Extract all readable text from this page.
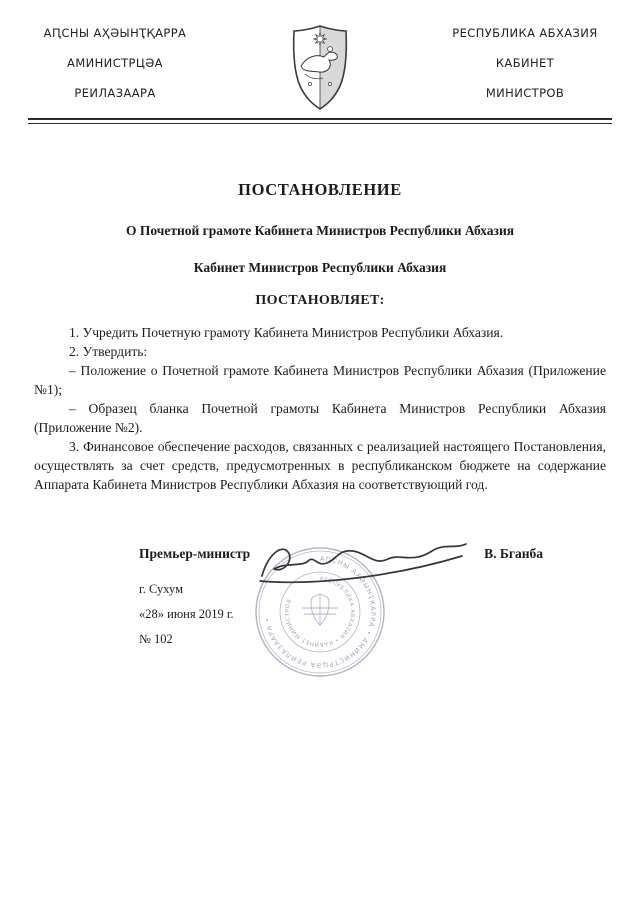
АԤСНЫ АҲӘЫНҬҚАРРА
АМИНИСТРЦӘА
РЕИЛАЗААРА
РЕСПУБЛИКА АБХАЗИЯ
КАБИНЕТ
МИНИСТРОВ
ПОСТАНОВЛЕНИЕ
О Почетной грамоте Кабинета Министров Республики Абхазия
Кабинет Министров Республики Абхазия
ПОСТАНОВЛЯЕТ:

1. Учредить Почетную грамоту Кабинета Министров Республики Абхазия.

2. Утвердить:

– Положение о Почетной грамоте Кабинета Министров Республики Абхазия (Приложение №1);

– Образец бланка Почетной грамоты Кабинета Министров Республики Абхазия (Приложение №2).

3. Финансовое обеспечение расходов, связанных с реализацией настоящего Постановления, осуществлять за счет средств, предусмотренных в республиканском бюджете на содержание Аппарата Кабинета Министров Республики Абхазия на соответствующий год.

Премьер-министр	В. Бганба
г. Сухум
«28» июня 2019 г.
№ 102
АԤСНЫ АҲӘЫНҬҚАРРА • АМИНИСТРЦӘА РЕИЛАЗААРА •
РЕСПУБЛИКА АБХАЗИЯ • КАБИНЕТ МИНИСТРОВ
